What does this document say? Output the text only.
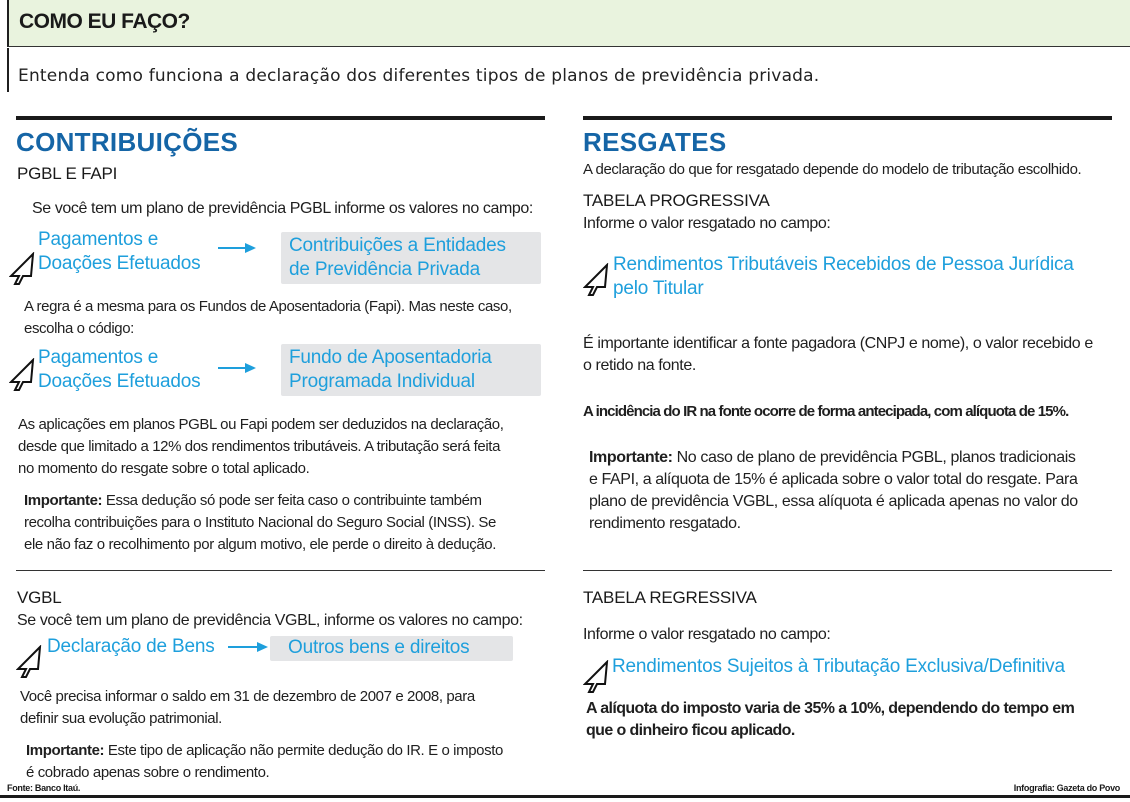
COMO EU FAÇO?
Entenda como funciona a declaração dos diferentes tipos de planos de previdência privada.
CONTRIBUIÇÕES
PGBL E FAPI
Se você tem um plano de previdência PGBL informe os valores no campo:
Pagamentos e
Doações Efetuados
Contribuições a Entidades
de Previdência Privada
A regra é a mesma para os Fundos de Aposentadoria (Fapi). Mas neste caso,
escolha o código:
Pagamentos e
Doações Efetuados
Fundo de Aposentadoria
Programada Individual
As aplicações em planos PGBL ou Fapi podem ser deduzidos na declaração,
desde que limitado a 12% dos rendimentos tributáveis. A tributação será feita
no momento do resgate sobre o total aplicado.
Importante: Essa dedução só pode ser feita caso o contribuinte também
recolha contribuições para o Instituto Nacional do Seguro Social (INSS). Se
ele não faz o recolhimento por algum motivo, ele perde o direito à dedução.
VGBL
Se você tem um plano de previdência VGBL, informe os valores no campo:
Declaração de Bens	Outros bens e direitos
Você precisa informar o saldo em 31 de dezembro de 2007 e 2008, para
definir sua evolução patrimonial.
Importante: Este tipo de aplicação não permite dedução do IR. E o imposto
é cobrado apenas sobre o rendimento.
RESGATES
A declaração do que for resgatado depende do modelo de tributação escolhido.
TABELA PROGRESSIVA
Informe o valor resgatado no campo:
Rendimentos Tributáveis Recebidos de Pessoa Jurídica
pelo Titular
É importante identificar a fonte pagadora (CNPJ e nome), o valor recebido e
o retido na fonte.
A incidência do IR na fonte ocorre de forma antecipada, com alíquota de 15%.
Importante: No caso de plano de previdência PGBL, planos tradicionais
e FAPI, a alíquota de 15% é aplicada sobre o valor total do resgate. Para
plano de previdência VGBL, essa alíquota é aplicada apenas no valor do
rendimento resgatado.
TABELA REGRESSIVA
Informe o valor resgatado no campo:
Rendimentos Sujeitos à Tributação Exclusiva/Definitiva
A alíquota do imposto varia de 35% a 10%, dependendo do tempo em
que o dinheiro ficou aplicado.
Fonte: Banco Itaú.	Infografia: Gazeta do Povo
